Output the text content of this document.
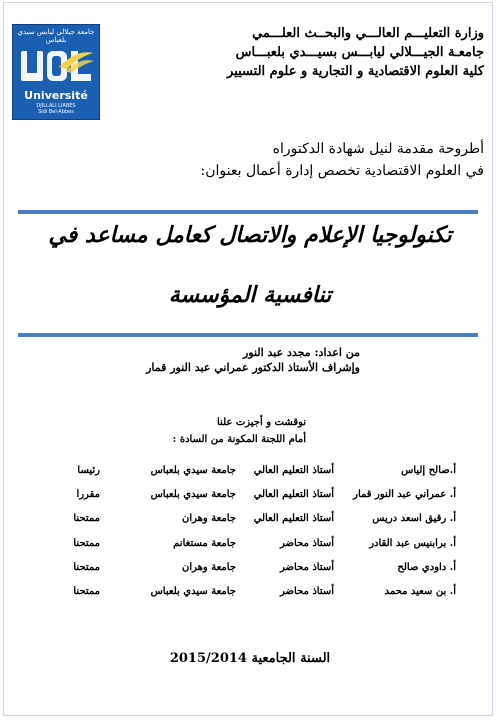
جامعة جيلالي ليابس سيدي بلعباس
Université
DJILLALI LIABES
Sidi Bel-Abbes
وزارة التعليـــم العالـــي والبحــث العلـــمي
جامعـة الجيـــلالي ليابـــس بسيـــدي بلعبـــاس
كلية العلوم الاقتصادية و التجارية و علوم التسيير
أطروحة مقدمة لنيل شهادة الدكتوراه
في العلوم الاقتصادية تخصص إدارة أعمال بعنوان:
تكنولوجيا الإعلام والاتصال كعامل مساعد في
تنافسية المؤسسة
من اعداد: مجدد عبد النور
وإشراف الأستاذ الدكتور عمراني عبد النور قمار
نوقشت و أجيزت علنا
أمام اللجنة المكونة من السادة :
أ.صالح إلياس	أستاذ التعليم العالي	جامعة سيدي بلعباس	رئيسا
أ. عمراني عبد النور قمار	أستاذ التعليم العالي	جامعة سيدي بلعباس	مقررا
أ. رقيق اسعد دريس	أستاذ التعليم العالي	جامعة وهران	ممتحنا
أ. برابنيس عبد القادر	أستاذ محاضر	جامعة مستغانم	ممتحنا
أ. داودي صالح	أستاذ محاضر	جامعة وهران	ممتحنا
أ. بن سعيد محمد	أستاذ محاضر	جامعة سيدي بلعباس	ممتحنا
السنة الجامعية 2015/2014
